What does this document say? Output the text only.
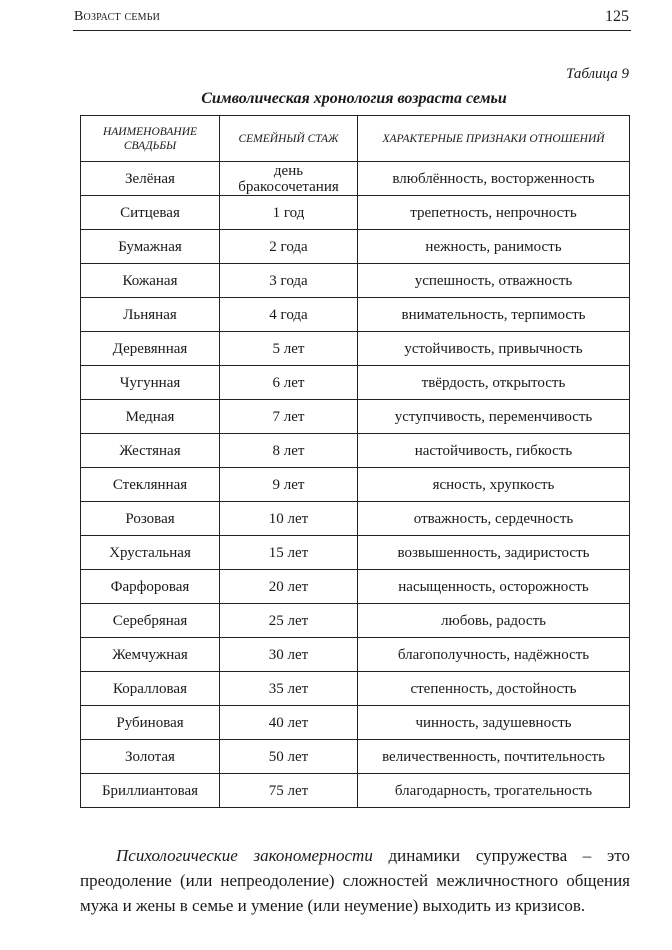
Возраст семьи	125
Таблица 9
Символическая хронология возраста семьи
НАИМЕНОВАНИЕ СВАДЬБЫ	СЕМЕЙНЫЙ СТАЖ	ХАРАКТЕРНЫЕ ПРИЗНАКИ ОТНОШЕНИЙ
Зелёная	день бракосочетания	влюблённость, восторженность
Ситцевая	1 год	трепетность, непрочность
Бумажная	2 года	нежность, ранимость
Кожаная	3 года	успешность, отважность
Льняная	4 года	внимательность, терпимость
Деревянная	5 лет	устойчивость, привычность
Чугунная	6 лет	твёрдость, открытость
Медная	7 лет	уступчивость, переменчивость
Жестяная	8 лет	настойчивость, гибкость
Стеклянная	9 лет	ясность, хрупкость
Розовая	10 лет	отважность, сердечность
Хрустальная	15 лет	возвышенность, задиристость
Фарфоровая	20 лет	насыщенность, осторожность
Серебряная	25 лет	любовь, радость
Жемчужная	30 лет	благополучность, надёжность
Коралловая	35 лет	степенность, достойность
Рубиновая	40 лет	чинность, задушевность
Золотая	50 лет	величественность, почтительность
Бриллиантовая	75 лет	благодарность, трогательность

Психологические закономерности динамики супружества – это преодоление (или непреодоление) сложностей межличностного общения мужа и жены в семье и умение (или неумение) выходить из кризисов.
